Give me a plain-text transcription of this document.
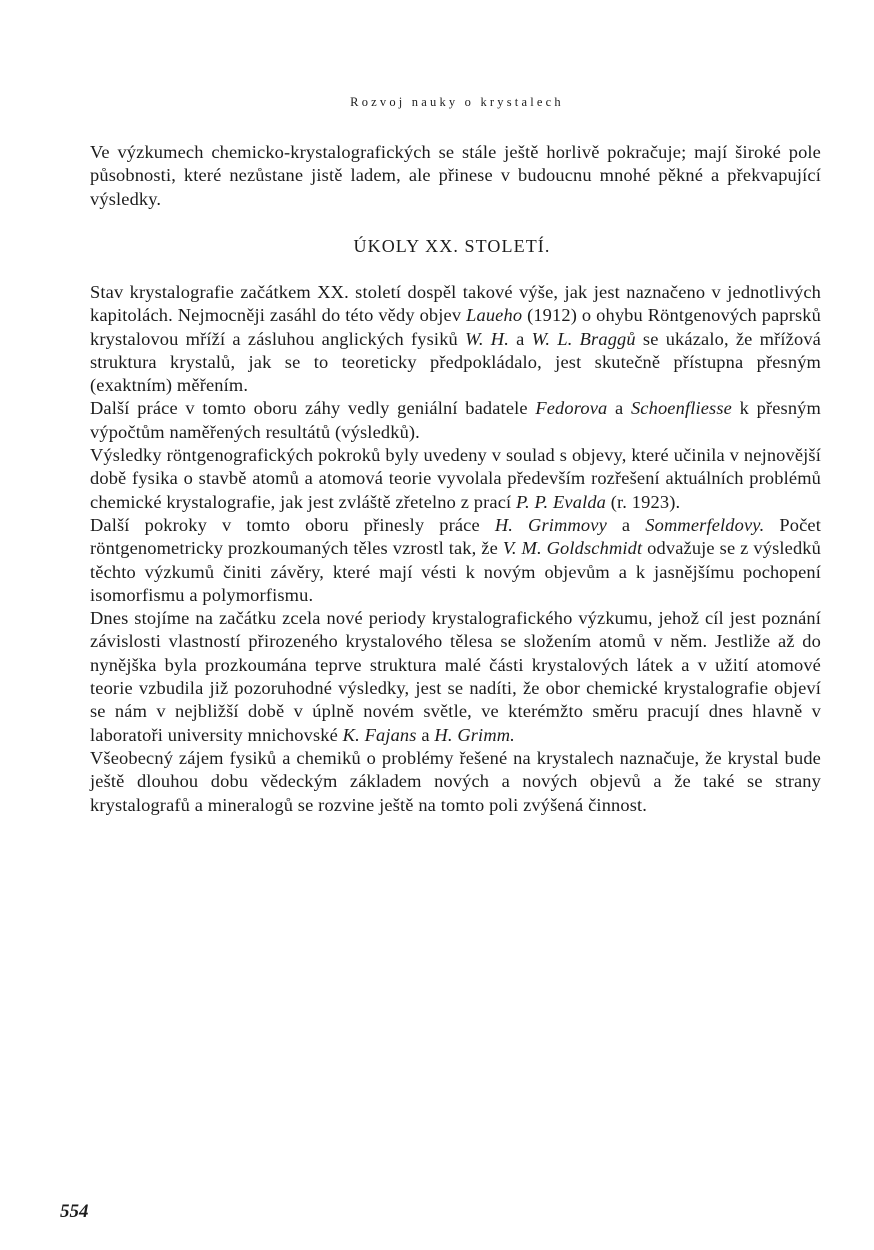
Rozvoj nauky o krystalech

Ve výzkumech chemicko-krystalografických se stále ještě horlivě pokračuje; mají široké pole působnosti, které nezůstane jistě ladem, ale přinese v budoucnu mnohé pěkné a překvapující výsledky.

ÚKOLY XX. STOLETÍ.

Stav krystalografie začátkem XX. století dospěl takové výše, jak jest naznačeno v jednotlivých kapitolách. Nejmocněji zasáhl do této vědy objev Laueho (1912) o ohybu Röntgenových paprsků krystalovou mříží a zásluhou anglických fysiků W. H. a W. L. Braggů se ukázalo, že mřížová struktura krystalů, jak se to teoreticky předpokládalo, jest skutečně přístupna přesným (exaktním) měřením.

Další práce v tomto oboru záhy vedly geniální badatele Fedorova a Schoenfliesse k přesným výpočtům naměřených resultátů (výsledků).

Výsledky röntgenografických pokroků byly uvedeny v soulad s objevy, které učinila v nejnovější době fysika o stavbě atomů a atomová teorie vyvolala především rozřešení aktuálních problémů chemické krystalografie, jak jest zvláště zřetelno z prací P. P. Evalda (r. 1923).

Další pokroky v tomto oboru přinesly práce H. Grimmovy a Sommerfeldovy. Počet röntgenometricky prozkoumaných těles vzrostl tak, že V. M. Goldschmidt odvažuje se z výsledků těchto výzkumů činiti závěry, které mají vésti k novým objevům a k jasnějšímu pochopení isomorfismu a polymorfismu.

Dnes stojíme na začátku zcela nové periody krystalografického výzkumu, jehož cíl jest poznání závislosti vlastností přirozeného krystalového tělesa se složením atomů v něm. Jestliže až do nynějška byla prozkoumána teprve struktura malé části krystalových látek a v užití atomové teorie vzbudila již pozoruhodné výsledky, jest se nadíti, že obor chemické krystalografie objeví se nám v nejbližší době v úplně novém světle, ve kterémžto směru pracují dnes hlavně v laboratoři university mnichovské K. Fajans a H. Grimm.

Všeobecný zájem fysiků a chemiků o problémy řešené na krystalech naznačuje, že krystal bude ještě dlouhou dobu vědeckým základem nových a nových objevů a že také se strany krystalografů a mineralogů se rozvine ještě na tomto poli zvýšená činnost.

554
